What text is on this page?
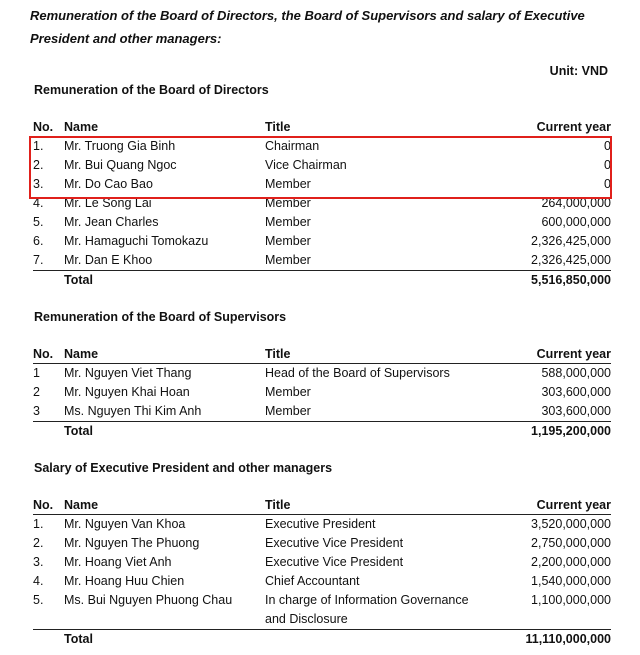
Remuneration of the Board of Directors, the Board of Supervisors and salary of Executive President and other managers:
Unit: VND
Remuneration of the Board of Directors
No.	Name	Title	Current year
1.	Mr. Truong Gia Binh	Chairman	0
2.	Mr. Bui Quang Ngoc	Vice Chairman	0
3.	Mr. Do Cao Bao	Member	0
4.	Mr. Le Song Lai	Member	264,000,000
5.	Mr. Jean Charles	Member	600,000,000
6.	Mr. Hamaguchi Tomokazu	Member	2,326,425,000
7.	Mr. Dan E Khoo	Member	2,326,425,000
	Total		5,516,850,000
Remuneration of the Board of Supervisors
No.	Name	Title	Current year
1	Mr. Nguyen Viet Thang	Head of the Board of Supervisors	588,000,000
2	Mr. Nguyen Khai Hoan	Member	303,600,000
3	Ms. Nguyen Thi Kim Anh	Member	303,600,000
	Total		1,195,200,000
Salary of Executive President and other managers
No.	Name	Title	Current year
1.	Mr. Nguyen Van Khoa	Executive President	3,520,000,000
2.	Mr. Nguyen The Phuong	Executive Vice President	2,750,000,000
3.	Mr. Hoang Viet Anh	Executive Vice President	2,200,000,000
4.	Mr. Hoang Huu Chien	Chief Accountant	1,540,000,000
5.	Ms. Bui Nguyen Phuong Chau	In charge of Information Governance and Disclosure	1,100,000,000
	Total		11,110,000,000
